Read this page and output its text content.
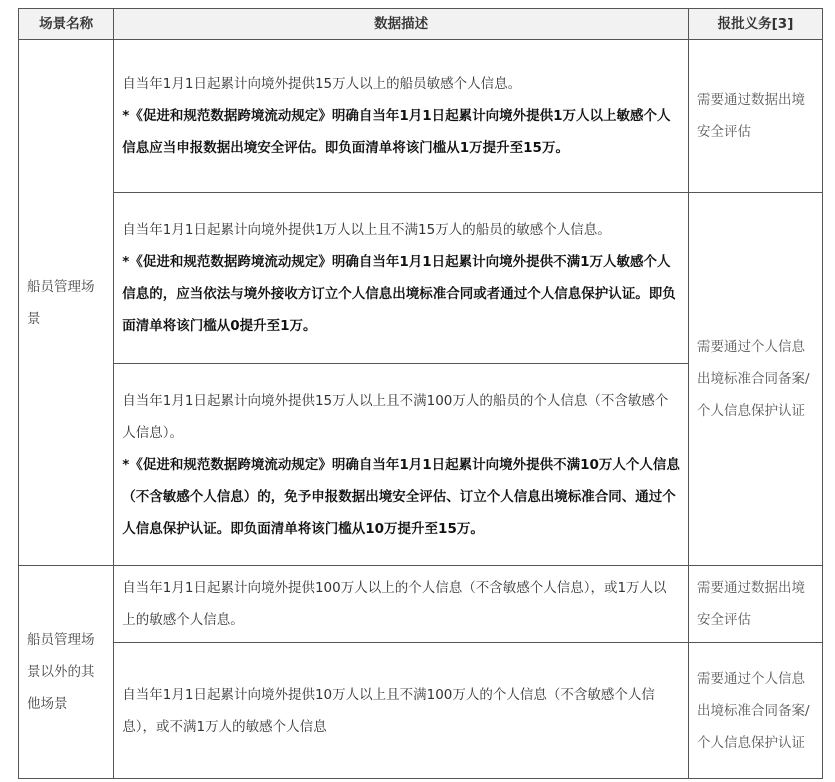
场景名称	数据描述	报批义务[3]
船员管理场景	自当年1月1日起累计向境外提供15万人以上的船员敏感个人信息。
*《促进和规范数据跨境流动规定》明确自当年1月1日起累计向境外提供1万人以上敏感个人信息应当申报数据出境安全评估。即负面清单将该门槛从1万提升至15万。	需要通过数据出境安全评估

	自当年1月1日起累计向境外提供1万人以上且不满15万人的船员的敏感个人信息。
*《促进和规范数据跨境流动规定》明确自当年1月1日起累计向境外提供不满1万人敏感个人信息的，应当依法与境外接收方订立个人信息出境标准合同或者通过个人信息保护认证。即负面清单将该门槛从0提升至1万。	需要通过个人信息出境标准合同备案/个人信息保护认证

	自当年1月1日起累计向境外提供15万人以上且不满100万人的船员的个人信息（不含敏感个人信息）。
*《促进和规范数据跨境流动规定》明确自当年1月1日起累计向境外提供不满10万人个人信息（不含敏感个人信息）的，免予申报数据出境安全评估、订立个人信息出境标准合同、通过个人信息保护认证。即负面清单将该门槛从10万提升至15万。	

船员管理场景以外的其他场景	自当年1月1日起累计向境外提供100万人以上的个人信息（不含敏感个人信息），或1万人以上的敏感个人信息。	需要通过数据出境安全评估

	自当年1月1日起累计向境外提供10万人以上且不满100万人的个人信息（不含敏感个人信息），或不满1万人的敏感个人信息	需要通过个人信息出境标准合同备案/个人信息保护认证
